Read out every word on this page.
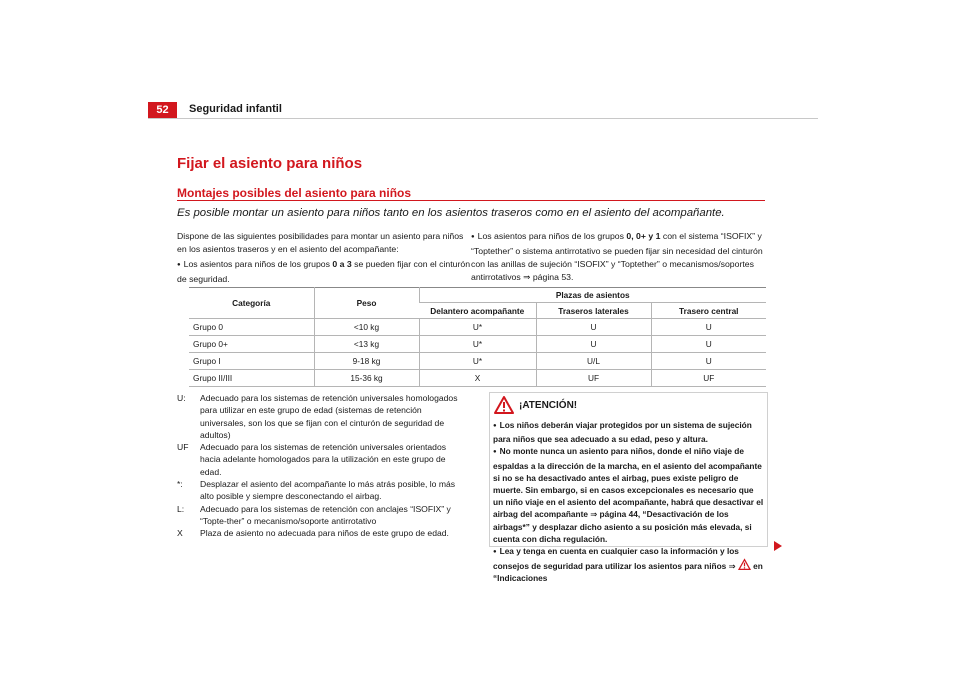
52	Seguridad infantil
Fijar el asiento para niños
Montajes posibles del asiento para niños
Es posible montar un asiento para niños tanto en los asientos traseros como en el asiento del acompañante.
Dispone de las siguientes posibilidades para montar un asiento para niños en los asientos traseros y en el asiento del acompañante:
● Los asientos para niños de los grupos 0 a 3 se pueden fijar con el cinturón de seguridad.
● Los asientos para niños de los grupos 0, 0+ y 1 con el sistema “ISOFIX” y “Toptether” o sistema antirrotativo se pueden fijar sin necesidad del cinturón con las anillas de sujeción “ISOFIX” y “Toptether” o mecanismos/soportes antirrotativos ⇒ página 53.
Categoría	Peso	Plazas de asientos		
		Delantero acompañante	Traseros laterales	Trasero central
Grupo 0	<10 kg	U*	U	U
Grupo 0+	<13 kg	U*	U	U
Grupo I	9-18 kg	U*	U/L	U
Grupo II/III	15-36 kg	X	UF	UF
U:	Adecuado para los sistemas de retención universales homologados para utilizar en este grupo de edad (sistemas de retención universales, son los que se fijan con el cinturón de seguridad de adultos)
UF	Adecuado para los sistemas de retención universales orientados hacia adelante homologados para la utilización en este grupo de edad.
*:	Desplazar el asiento del acompañante lo más atrás posible, lo más alto posible y siempre desconectando el airbag.
L:	Adecuado para los sistemas de retención con anclajes “ISOFIX” y “Topte-ther” o mecanismo/soporte antirrotativo
X	Plaza de asiento no adecuada para niños de este grupo de edad.
¡ATENCIÓN!
● Los niños deberán viajar protegidos por un sistema de sujeción para niños que sea adecuado a su edad, peso y altura.
● No monte nunca un asiento para niños, donde el niño viaje de espaldas a la dirección de la marcha, en el asiento del acompañante si no se ha desactivado antes el airbag, pues existe peligro de muerte. Sin embargo, si en casos excepcionales es necesario que un niño viaje en el asiento del acompañante, habrá que desactivar el airbag del acompañante ⇒ página 44, “Desactivación de los airbags*” y desplazar dicho asiento a su posición más elevada, si cuenta con dicha regulación.
● Lea y tenga en cuenta en cualquier caso la información y los consejos de seguridad para utilizar los asientos para niños ⇒  en “Indicaciones
